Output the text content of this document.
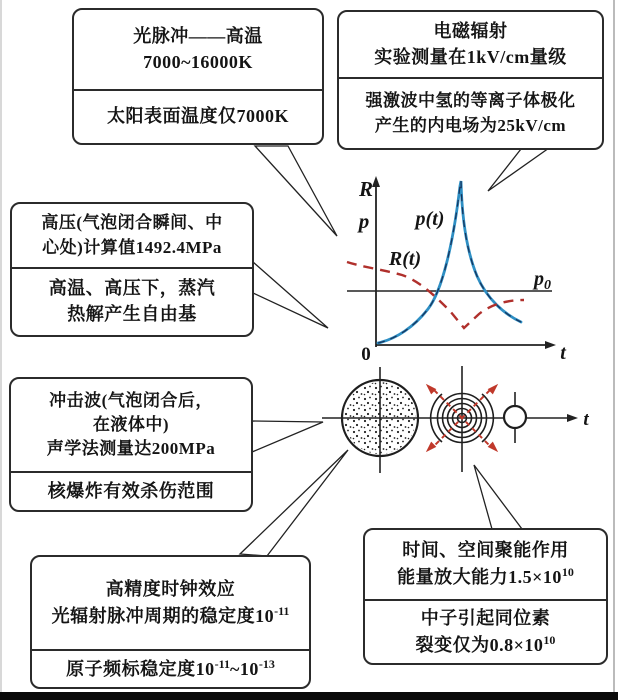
R
p
0	t
p(t)
R(t)
$p_0$
t
光脉冲——高温
7000~16000K
太阳表面温度仅7000K
电磁辐射
实验测量在1kV/cm量级
强激波中氢的等离子体极化
产生的内电场为25kV/cm
高压(气泡闭合瞬间、中
心处)计算值1492.4MPa
高温、高压下，蒸汽
热解产生自由基
冲击波(气泡闭合后，
在液体中)
声学法测量达200MPa
核爆炸有效杀伤范围
高精度时钟效应
光辐射脉冲周期的稳定度$10^{-11}$
原子频标稳定度$10^{-11}\sim 10^{-13}$
时间、空间聚能作用
能量放大能力$1.5\times 10^{10}$
中子引起同位素
裂变仅为$0.8\times 10^{10}$
